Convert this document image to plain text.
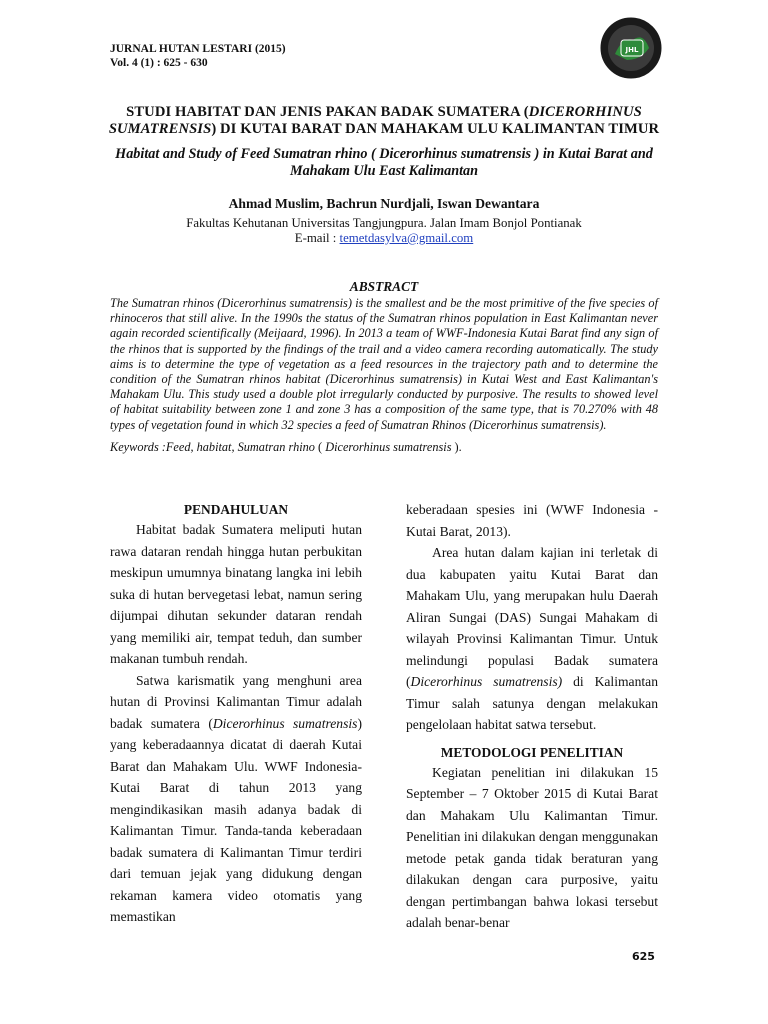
JURNAL HUTAN LESTARI (2015)
Vol. 4 (1) : 625 - 630
JHL

STUDI HABITAT DAN JENIS PAKAN BADAK SUMATERA (DICERORHINUS SUMATRENSIS) DI KUTAI BARAT DAN MAHAKAM ULU KALIMANTAN TIMUR

Habitat and Study of Feed Sumatran rhino ( Dicerorhinus sumatrensis ) in Kutai Barat and Mahakam Ulu East Kalimantan

Ahmad Muslim, Bachrun Nurdjali, Iswan Dewantara

Fakultas Kehutanan Universitas Tangjungpura. Jalan Imam Bonjol Pontianak

E-mail : temetdasylva@gmail.com

ABSTRACT

The Sumatran rhinos (Dicerorhinus sumatrensis) is the smallest and be the most primitive of the five species of rhinoceros that still alive. In the 1990s the status of the Sumatran rhinos population in East Kalimantan never again recorded scientifically (Meijaard, 1996). In 2013 a team of WWF-Indonesia Kutai Barat find any sign of the rhinos that is supported by the findings of the trail and a video camera recording automatically. The study aims is to determine the type of vegetation as a feed resources in the trajectory path and to determine the condition of the Sumatran rhinos habitat (Dicerorhinus sumatrensis) in Kutai West and East Kalimantan's Mahakam Ulu. This study used a double plot irregularly conducted by purposive. The results to showed level of habitat suitability between zone 1 and zone 3 has a composition of the same type, that is 70.270% with 48 types of vegetation found in which 32 species a feed of Sumatran Rhinos (Dicerorhinus sumatrensis).

Keywords :Feed, habitat, Sumatran rhino ( Dicerorhinus sumatrensis ).

PENDAHULUAN

Habitat badak Sumatera meliputi hutan rawa dataran rendah hingga hutan perbukitan meskipun umumnya binatang langka ini lebih suka di hutan bervegetasi lebat, namun sering dijumpai dihutan sekunder dataran rendah yang memiliki air, tempat teduh, dan sumber makanan tumbuh rendah.

Satwa karismatik yang menghuni area hutan di Provinsi Kalimantan Timur adalah badak sumatera (Dicerorhinus sumatrensis) yang keberadaannya dicatat di daerah Kutai Barat dan Mahakam Ulu. WWF Indonesia-Kutai Barat di tahun 2013 yang mengindikasikan masih adanya badak di Kalimantan Timur. Tanda-tanda keberadaan badak sumatera di Kalimantan Timur terdiri dari temuan jejak yang didukung dengan rekaman kamera video otomatis yang memastikan

keberadaan spesies ini (WWF Indonesia - Kutai Barat, 2013).

Area hutan dalam kajian ini terletak di dua kabupaten yaitu Kutai Barat dan Mahakam Ulu, yang merupakan hulu Daerah Aliran Sungai (DAS) Sungai Mahakam di wilayah Provinsi Kalimantan Timur. Untuk melindungi populasi Badak sumatera (Dicerorhinus sumatrensis) di Kalimantan Timur salah satunya dengan melakukan pengelolaan habitat satwa tersebut.

METODOLOGI PENELITIAN

Kegiatan penelitian ini dilakukan 15 September – 7 Oktober 2015 di Kutai Barat dan Mahakam Ulu Kalimantan Timur. Penelitian ini dilakukan dengan menggunakan metode petak ganda tidak beraturan yang dilakukan dengan cara purposive, yaitu dengan pertimbangan bahwa lokasi tersebut adalah benar-benar

625
